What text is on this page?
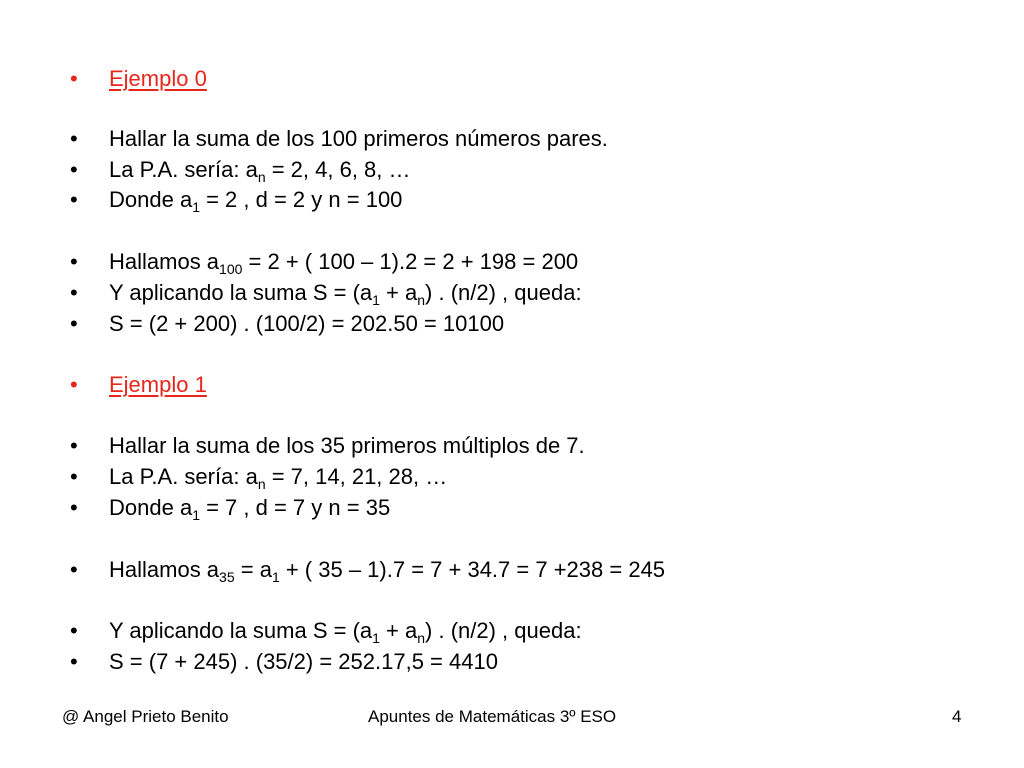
•	Ejemplo 0
•	Hallar la suma de los 100 primeros números pares.
•	La P.A. sería: $a_n = 2$, 4, 6, 8, …
•	Donde $a_1 = 2$ , d = 2 y n = 100
•	Hallamos $a_{100} = 2$ + ( 100 – 1).2 = 2 + 198 = 200
•	Y aplicando la suma $S = (a_1 + a_n)$ . (n/2) , queda:
•	S = (2 + 200) . (100/2) = 202.50 = 10100
•	Ejemplo 1
•	Hallar la suma de los 35 primeros múltiplos de 7.
•	La P.A. sería: $a_n = 7$, 14, 21, 28, …
•	Donde $a_1 = 7$ , d = 7 y n = 35
•	Hallamos $a_{35} = a_1$ + ( 35 – 1).7 = 7 + 34.7 = 7 +238 = 245
•	Y aplicando la suma $S = (a_1 + a_n)$ . (n/2) , queda:
•	S = (7 + 245) . (35/2) = 252.17,5 = 4410
@ Angel Prieto Benito	Apuntes de Matemáticas 3º ESO	4
